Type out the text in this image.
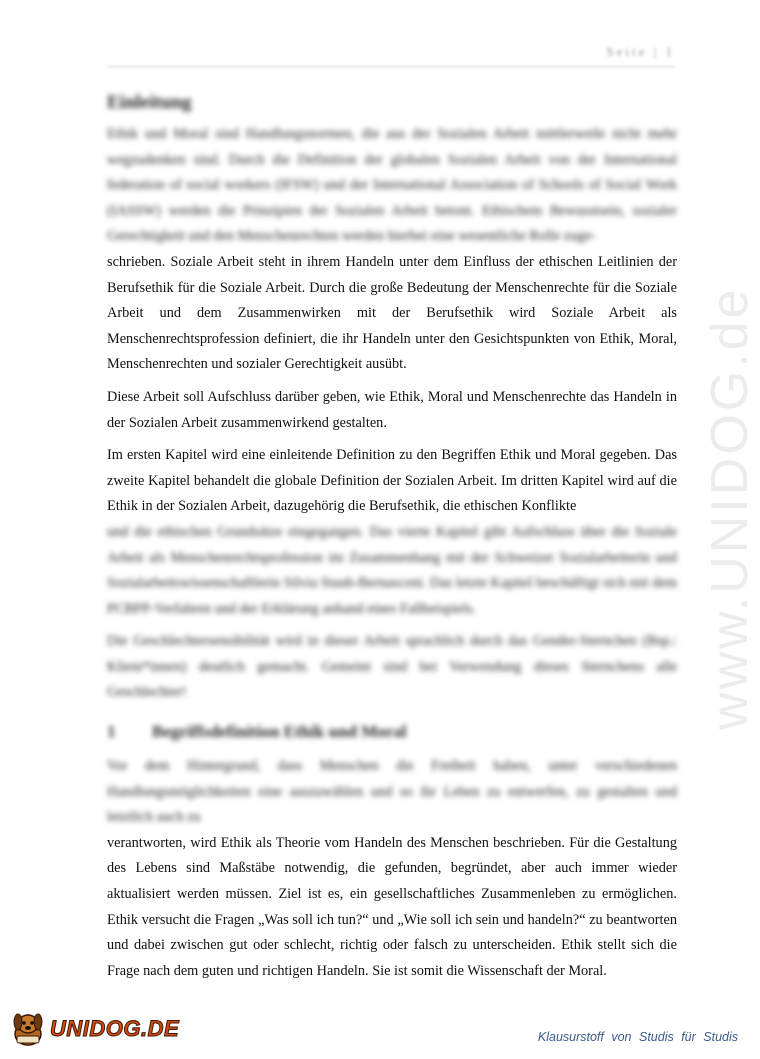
Seite | 1
www.UNIDOG.de
Einleitung

Ethik und Moral sind Handlungsnormen, die aus der Sozialen Arbeit mittlerweile nicht mehr wegzudenken sind. Durch die Definition der globalen Sozialen Arbeit von der International federation of social workers (IFSW) und der International Association of Schools of Social Work (IASSW) werden die Prinzipien der Sozialen Arbeit betont. Ethischem Bewusstsein, sozialer Gerechtigkeit und den Menschenrechten werden hierbei eine wesentliche Rolle zuge-
schrieben. Soziale Arbeit steht in ihrem Handeln unter dem Einfluss der ethischen Leitlinien der Berufsethik für die Soziale Arbeit. Durch die große Bedeutung der Menschenrechte für die Soziale Arbeit und dem Zusammenwirken mit der Berufsethik wird Soziale Arbeit als Menschenrechtsprofession definiert, die ihr Handeln unter den Gesichtspunkten von Ethik, Moral, Menschenrechten und sozialer Gerechtigkeit ausübt.

Diese Arbeit soll Aufschluss darüber geben, wie Ethik, Moral und Menschenrechte das Handeln in der Sozialen Arbeit zusammenwirkend gestalten.

Im ersten Kapitel wird eine einleitende Definition zu den Begriffen Ethik und Moral gegeben. Das zweite Kapitel behandelt die globale Definition der Sozialen Arbeit. Im dritten Kapitel wird auf die Ethik in der Sozialen Arbeit, dazugehörig die Berufsethik, die ethischen Konflikte
und die ethischen Grundsätze eingegangen. Das vierte Kapitel gibt Aufschluss über die Soziale Arbeit als Menschenrechtsprofession im Zusammenhang mit der Schweizer Sozialarbeiterin und Sozialarbeitswissenschaftlerin Silvia Staub-Bernasconi. Das letzte Kapitel beschäftigt sich mit dem PCBPP-Verfahren und der Erklärung anhand eines Fallbeispiels.

Die Geschlechtersensibilität wird in dieser Arbeit sprachlich durch das Gender-Sternchen (Bsp.: Klient*innen) deutlich gemacht. Gemeint sind bei Verwendung dieses Sternchens alle Geschlechter!

1 Begriffsdefinition Ethik und Moral

Vor dem Hintergrund, dass Menschen die Freiheit haben, unter verschiedenen Handlungsmöglichkeiten eine auszuwählen und so ihr Leben zu entwerfen, zu gestalten und letztlich auch zu
verantworten, wird Ethik als Theorie vom Handeln des Menschen beschrieben. Für die Gestaltung des Lebens sind Maßstäbe notwendig, die gefunden, begründet, aber auch immer wieder aktualisiert werden müssen. Ziel ist es, ein gesellschaftliches Zusammenleben zu ermöglichen. Ethik versucht die Fragen „Was soll ich tun?“ und „Wie soll ich sein und handeln?“ zu beantworten und dabei zwischen gut oder schlecht, richtig oder falsch zu unterscheiden. Ethik stellt sich die Frage nach dem guten und richtigen Handeln. Sie ist somit die Wissenschaft der Moral.

UNIDOG.DE	Klausurstoff von Studis für Studis
